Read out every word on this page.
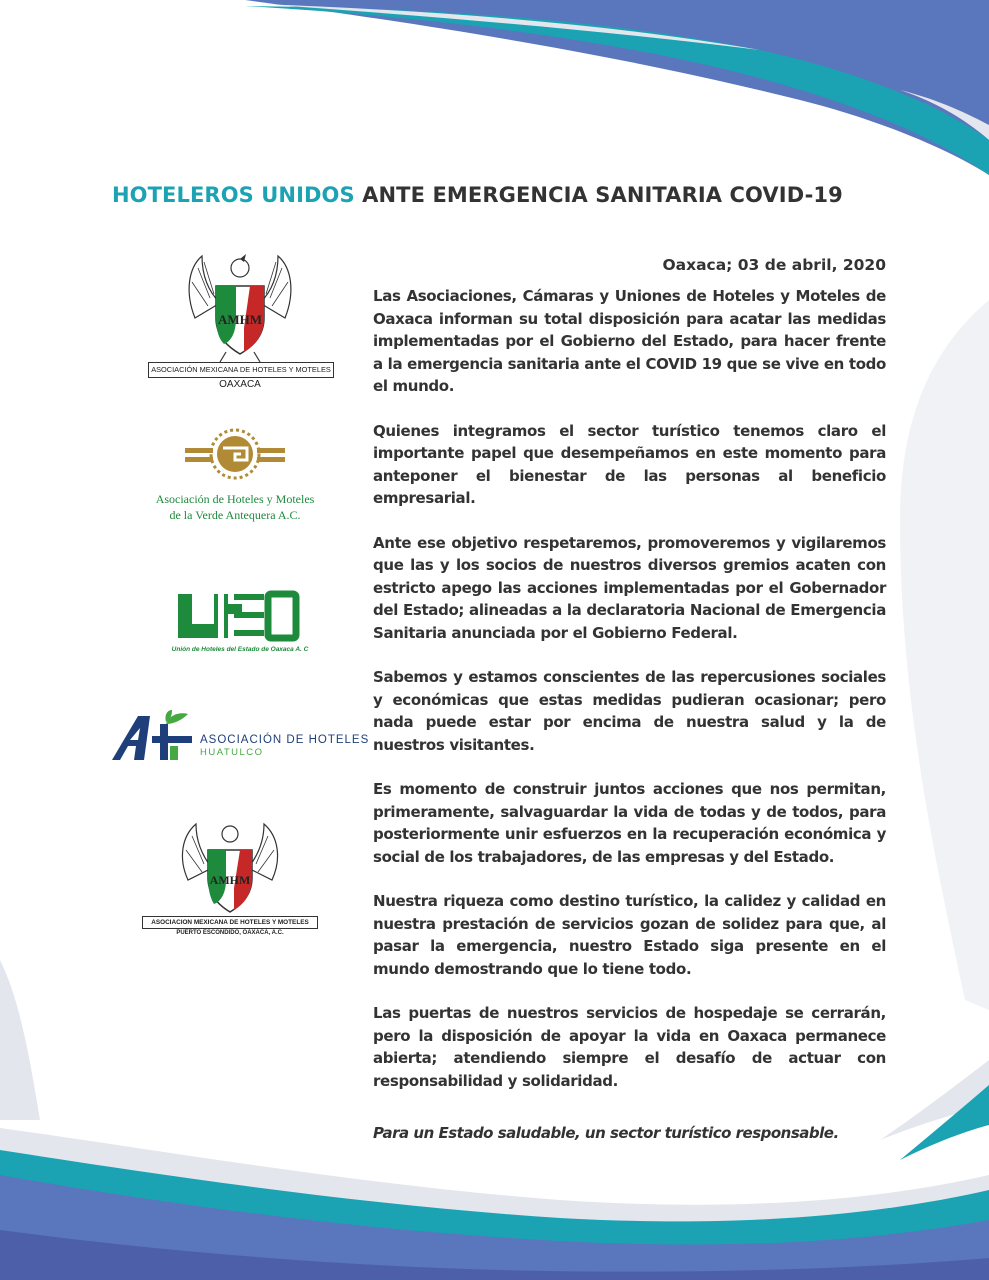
HOTELEROS UNIDOS ANTE EMERGENCIA SANITARIA COVID-19
Oaxaca; 03 de abril, 2020

Las Asociaciones, Cámaras y Uniones de Hoteles y Moteles de Oaxaca informan su total disposición para acatar las medidas implementadas por el Gobierno del Estado, para hacer frente a la emergencia sanitaria ante el COVID 19 que se vive en todo el mundo.

Quienes integramos el sector turístico tenemos claro el importante papel que desempeñamos en este momento para anteponer el bienestar de las personas al beneficio empresarial.

Ante ese objetivo respetaremos, promoveremos y vigilaremos que las y los socios de nuestros diversos gremios acaten con estricto apego las acciones implementadas por el Gobernador del Estado; alineadas a la declaratoria Nacional de Emergencia Sanitaria anunciada por el Gobierno Federal.

Sabemos y estamos conscientes de las repercusiones sociales y económicas que estas medidas pudieran ocasionar; pero nada puede estar por encima de nuestra salud y la de nuestros visitantes.

Es momento de construir juntos acciones que nos permitan, primeramente, salvaguardar la vida de todas y de todos, para posteriormente unir esfuerzos en la recuperación económica y social de los trabajadores, de las empresas y del Estado.

Nuestra riqueza como destino turístico, la calidez y calidad en nuestra prestación de servicios gozan de solidez para que, al pasar la emergencia, nuestro Estado siga presente en el mundo demostrando que lo tiene todo.

Las puertas de nuestros servicios de hospedaje se cerrarán, pero la disposición de apoyar la vida en Oaxaca permanece abierta; atendiendo siempre el desafío de actuar con responsabilidad y solidaridad.

Para un Estado saludable, un sector turístico responsable.

AMHM
ASOCIACIÓN MEXICANA DE HOTELES Y MOTELES
OAXACA
Asociación de Hoteles y Moteles
de la Verde Antequera A.C.
Unión de Hoteles del Estado de Oaxaca A. C
ASOCIACIÓN DE HOTELES
HUATULCO
AMHM
ASOCIACION MEXICANA DE HOTELES Y MOTELES
PUERTO ESCONDIDO, OAXACA, A.C.
